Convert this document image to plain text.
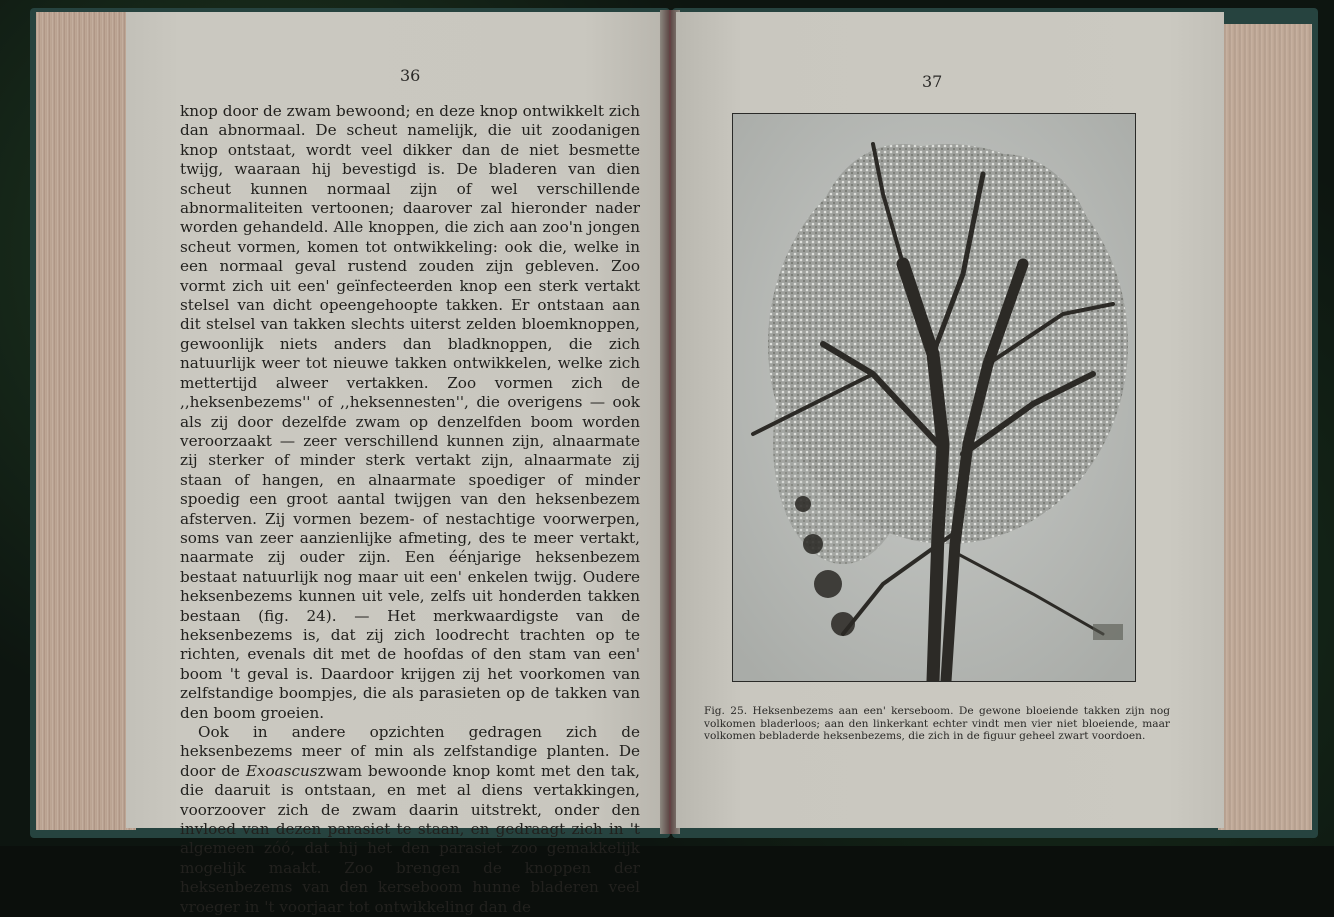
36

knop door de zwam bewoond; en deze knop ontwikkelt zich dan abnormaal. De scheut namelijk, die uit zoodanigen knop ontstaat, wordt veel dikker dan de niet besmette twijg, waaraan hij bevestigd is. De bladeren van dien scheut kunnen normaal zijn of wel verschillende abnormaliteiten vertoonen; daarover zal hieronder nader worden gehandeld. Alle knoppen, die zich aan zoo'n jongen scheut vormen, komen tot ontwikkeling: ook die, welke in een normaal geval rustend zouden zijn gebleven. Zoo vormt zich uit een' geïnfecteerden knop een sterk vertakt stelsel van dicht opeengehoopte takken. Er ontstaan aan dit stelsel van takken slechts uiterst zelden bloemknoppen, gewoonlijk niets anders dan bladknoppen, die zich natuurlijk weer tot nieuwe takken ontwikkelen, welke zich mettertijd alweer vertakken. Zoo vormen zich de ,,heksenbezems'' of ,,heksennesten'', die overigens — ook als zij door dezelfde zwam op denzelfden boom worden veroorzaakt — zeer verschillend kunnen zijn, alnaarmate zij sterker of minder sterk vertakt zijn, alnaarmate zij staan of hangen, en alnaarmate spoediger of minder spoedig een groot aantal twijgen van den heksenbezem afsterven. Zij vormen bezem- of nestachtige voorwerpen, soms van zeer aanzienlijke afmeting, des te meer vertakt, naarmate zij ouder zijn. Een éénjarige heksenbezem bestaat natuurlijk nog maar uit een' enkelen twijg. Oudere heksenbezems kunnen uit vele, zelfs uit honderden takken bestaan (fig. 24). — Het merkwaardigste van de heksenbezems is, dat zij zich loodrecht trachten op te richten, evenals dit met de hoofdas of den stam van een' boom 't geval is. Daardoor krijgen zij het voorkomen van zelfstandige boompjes, die als parasieten op de takken van den boom groeien.

Ook in andere opzichten gedragen zich de heksenbezems meer of min als zelfstandige planten. De door de Exoascuszwam bewoonde knop komt met den tak, die daaruit is ontstaan, en met al diens vertakkingen, voorzoover zich de zwam daarin uitstrekt, onder den invloed van dezen parasiet te staan, en gedraagt zich in 't algemeen zóó, dat hij het den parasiet zoo gemakkelijk mogelijk maakt. Zoo brengen de knoppen der heksenbezems van den kerseboom hunne bladeren veel vroeger in 't voorjaar tot ontwikkeling dan de

37
Fig. 25. Heksenbezems aan een' kerseboom. De gewone bloeiende takken zijn nog volkomen bladerloos; aan den linkerkant echter vindt men vier niet bloeiende, maar volkomen bebladerde heksenbezems, die zich in de figuur geheel zwart voordoen.
